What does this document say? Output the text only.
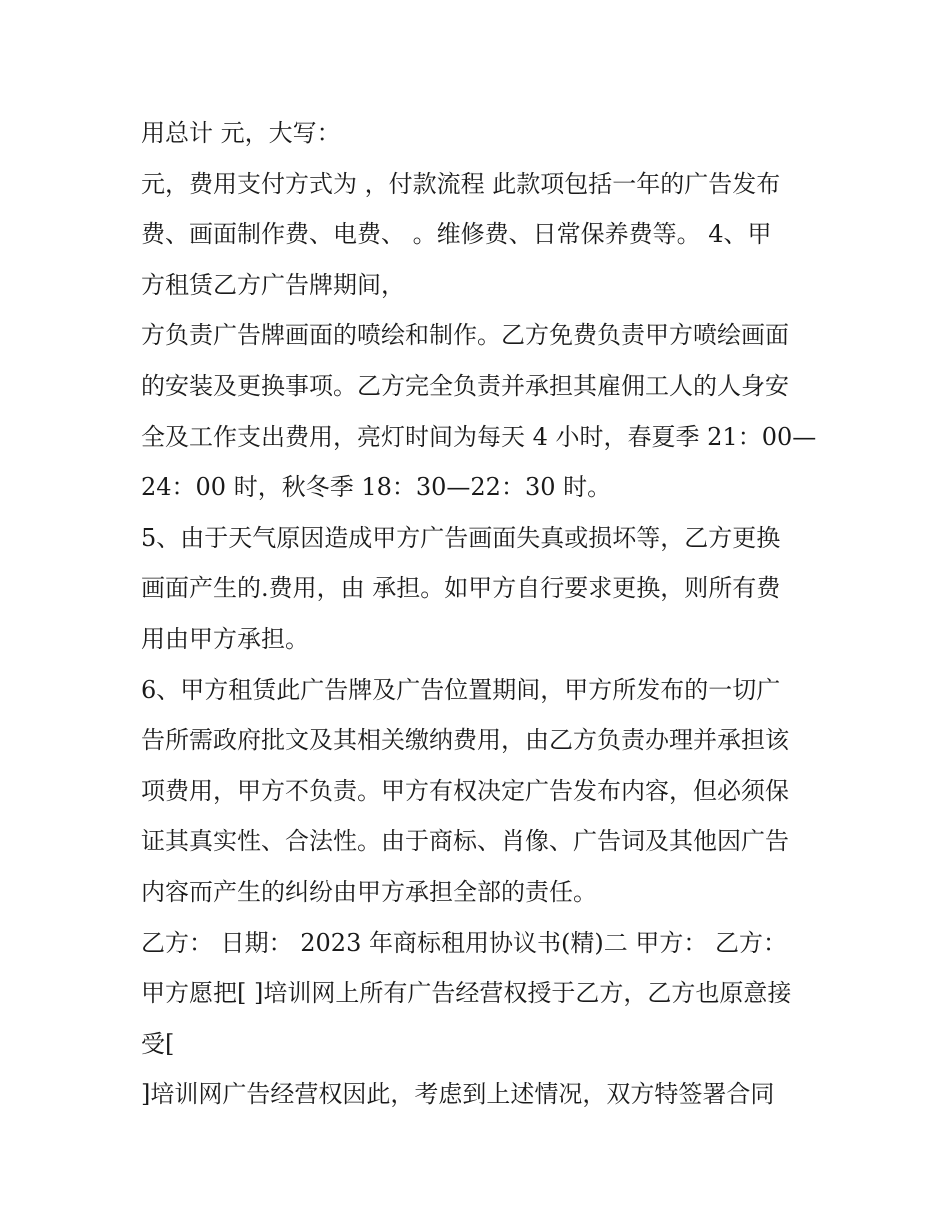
用总计 元，大写：
元，费用支付方式为 ，付款流程 此款项包括一年的广告发布
费、画面制作费、电费、 。维修费、日常保养费等。 4、甲
方租赁乙方广告牌期间，
方负责广告牌画面的喷绘和制作。乙方免费负责甲方喷绘画面
的安装及更换事项。乙方完全负责并承担其雇佣工人的人身安
全及工作支出费用，亮灯时间为每天 4 小时，春夏季 21：00—
24：00 时，秋冬季 18：30—22：30 时。
5、由于天气原因造成甲方广告画面失真或损坏等，乙方更换
画面产生的.费用，由 承担。如甲方自行要求更换，则所有费
用由甲方承担。
6、甲方租赁此广告牌及广告位置期间，甲方所发布的一切广
告所需政府批文及其相关缴纳费用，由乙方负责办理并承担该
项费用，甲方不负责。甲方有权决定广告发布内容，但必须保
证其真实性、合法性。由于商标、肖像、广告词及其他因广告
内容而产生的纠纷由甲方承担全部的责任。
乙方： 日期： 2023 年商标租用协议书(精)二 甲方： 乙方：
甲方愿把[ ]培训网上所有广告经营权授于乙方，乙方也原意接
受[
]培训网广告经营权因此，考虑到上述情况，双方特签署合同
